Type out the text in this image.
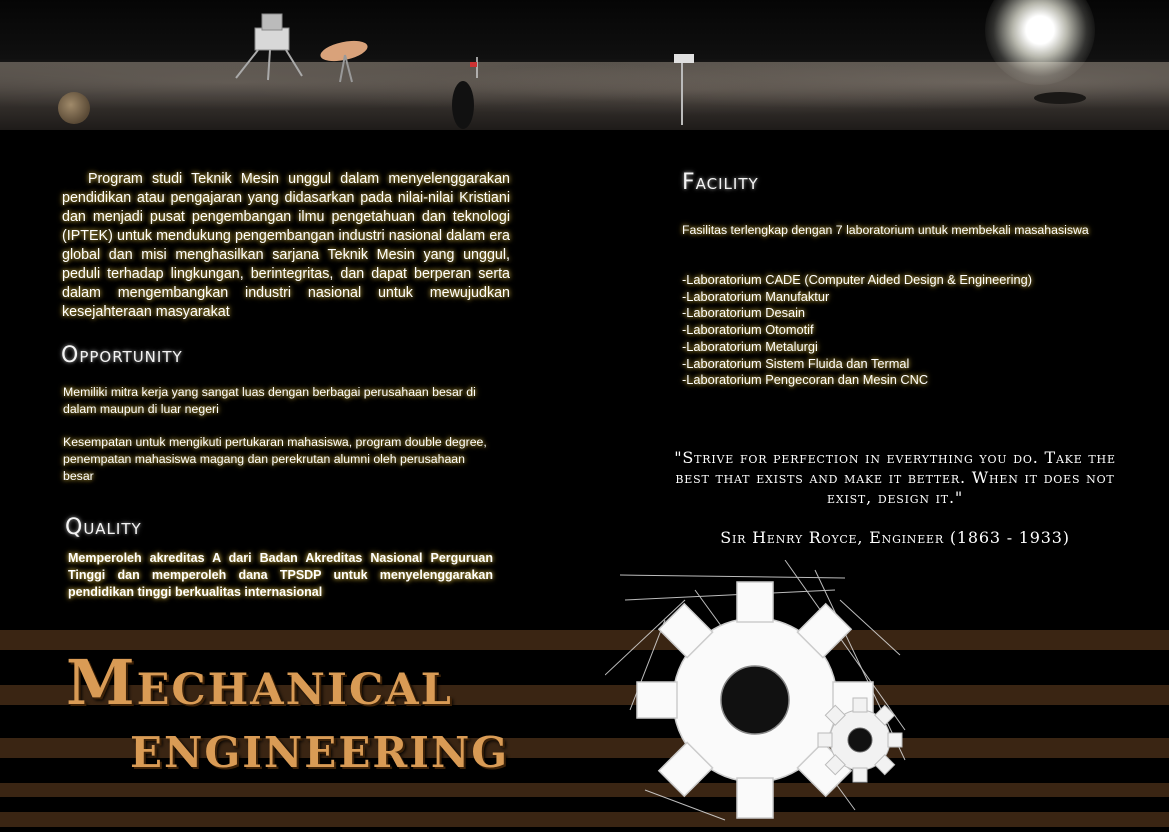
Program studi Teknik Mesin unggul dalam menyelenggarakan pendidikan atau pengajaran yang didasarkan pada nilai-nilai Kristiani dan menjadi pusat pengembangan ilmu pengetahuan dan teknologi (IPTEK) untuk mendukung pengembangan industri nasional dalam era global dan misi menghasilkan sarjana Teknik Mesin yang unggul, peduli terhadap lingkungan, berintegritas, dan dapat berperan serta dalam mengembangkan industri nasional untuk mewujudkan kesejahteraan masyarakat
Opportunity
Memiliki mitra kerja yang sangat luas dengan berbagai perusahaan besar di dalam maupun di luar negeri
Kesempatan untuk mengikuti pertukaran mahasiswa, program double degree, penempatan mahasiswa magang dan perekrutan alumni oleh perusahaan besar
Quality
Memperoleh akreditas A dari Badan Akreditas Nasional Perguruan Tinggi dan memperoleh dana TPSDP untuk menyelenggarakan pendidikan tinggi berkualitas internasional
Facility
Fasilitas terlengkap dengan 7 laboratorium untuk membekali masahasiswa
-Laboratorium CADE (Computer Aided Design & Engineering)
-Laboratorium Manufaktur
-Laboratorium Desain
-Laboratorium Otomotif
-Laboratorium Metalurgi
-Laboratorium Sistem Fluida dan Termal
-Laboratorium Pengecoran dan Mesin CNC
"Strive for perfection in everything you do. Take the best that exists and make it better. When it does not exist, design it."
Sir Henry Royce, Engineer (1863 - 1933)
Mechanical
engineering
